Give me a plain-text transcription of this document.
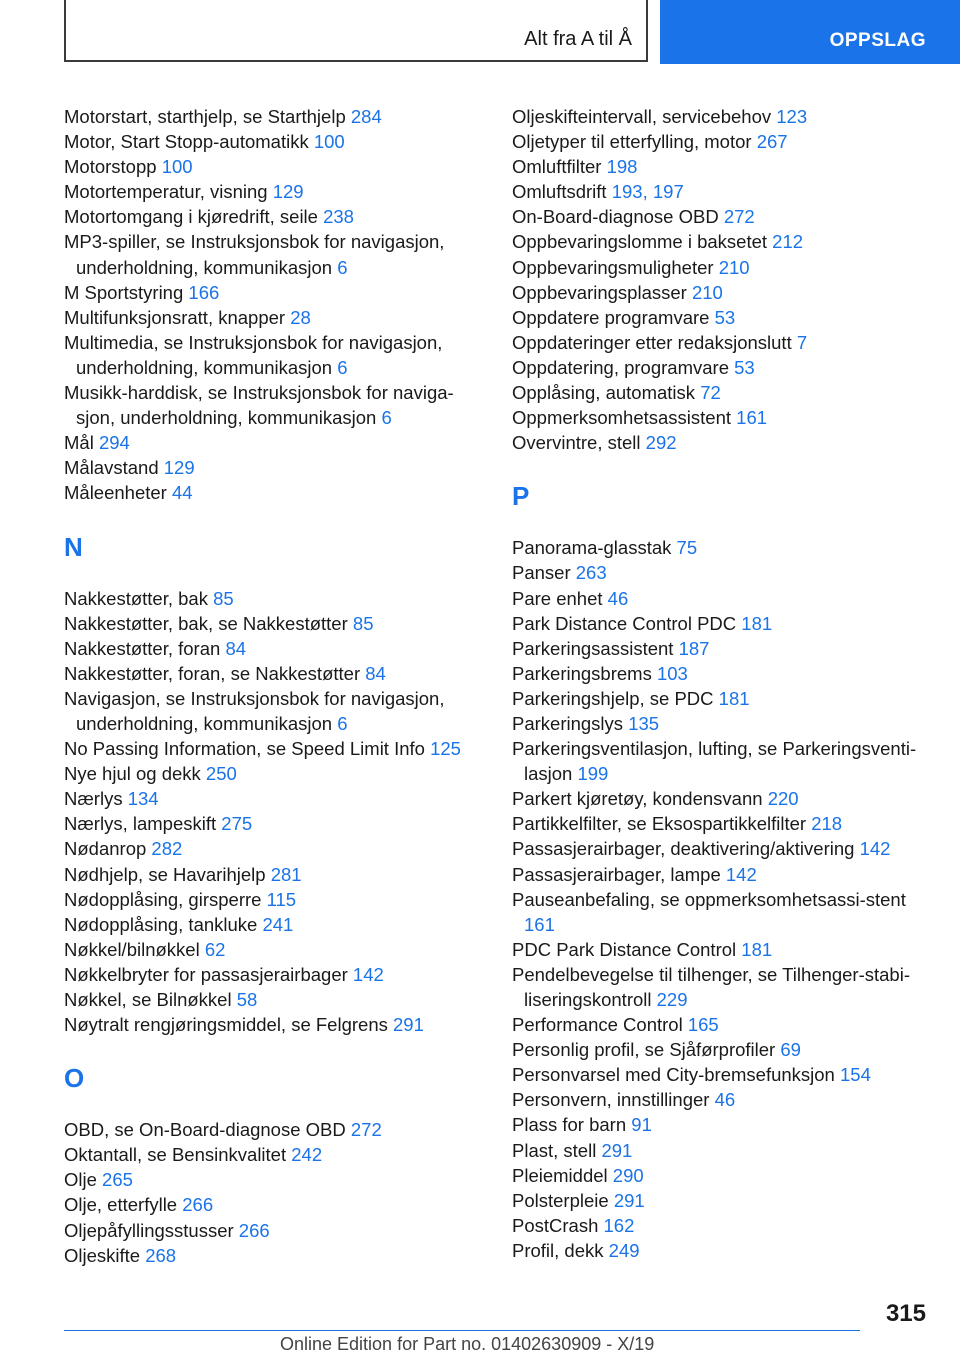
Alt fra A til Å	OPPSLAG
Motorstart, starthjelp, se Starthjelp 284
Motor, Start Stopp-automatikk 100
Motorstopp 100
Motortemperatur, visning 129
Motortomgang i kjøredrift, seile 238
MP3-spiller, se Instruksjonsbok for navigasjon, underholdning, kommunikasjon 6
M Sportstyring 166
Multifunksjonsratt, knapper 28
Multimedia, se Instruksjonsbok for navigasjon, underholdning, kommunikasjon 6
Musikk-harddisk, se Instruksjonsbok for naviga-sjon, underholdning, kommunikasjon 6
Mål 294
Målavstand 129
Måleenheter 44
N
Nakkestøtter, bak 85
Nakkestøtter, bak, se Nakkestøtter 85
Nakkestøtter, foran 84
Nakkestøtter, foran, se Nakkestøtter 84
Navigasjon, se Instruksjonsbok for navigasjon, underholdning, kommunikasjon 6
No Passing Information, se Speed Limit Info 125
Nye hjul og dekk 250
Nærlys 134
Nærlys, lampeskift 275
Nødanrop 282
Nødhjelp, se Havarihjelp 281
Nødopplåsing, girsperre 115
Nødopplåsing, tankluke 241
Nøkkel/bilnøkkel 62
Nøkkelbryter for passasjerairbager 142
Nøkkel, se Bilnøkkel 58
Nøytralt rengjøringsmiddel, se Felgrens 291
O
OBD, se On-Board-diagnose OBD 272
Oktantall, se Bensinkvalitet 242
Olje 265
Olje, etterfylle 266
Oljepåfyllingsstusser 266
Oljeskifte 268
Oljeskifteintervall, servicebehov 123
Oljetyper til etterfylling, motor 267
Omluftfilter 198
Omluftsdrift 193, 197
On-Board-diagnose OBD 272
Oppbevaringslomme i baksetet 212
Oppbevaringsmuligheter 210
Oppbevaringsplasser 210
Oppdatere programvare 53
Oppdateringer etter redaksjonslutt 7
Oppdatering, programvare 53
Opplåsing, automatisk 72
Oppmerksomhetsassistent 161
Overvintre, stell 292
P
Panorama-glasstak 75
Panser 263
Pare enhet 46
Park Distance Control PDC 181
Parkeringsassistent 187
Parkeringsbrems 103
Parkeringshjelp, se PDC 181
Parkeringslys 135
Parkeringsventilasjon, lufting, se Parkeringsventi-lasjon 199
Parkert kjøretøy, kondensvann 220
Partikkelfilter, se Eksospartikkelfilter 218
Passasjerairbager, deaktivering/aktivering 142
Passasjerairbager, lampe 142
Pauseanbefaling, se oppmerksomhetsassi-stent 161
PDC Park Distance Control 181
Pendelbevegelse til tilhenger, se Tilhenger-stabi-liseringskontroll 229
Performance Control 165
Personlig profil, se Sjåførprofiler 69
Personvarsel med City-bremsefunksjon 154
Personvern, innstillinger 46
Plass for barn 91
Plast, stell 291
Pleiemiddel 290
Polsterpleie 291
PostCrash 162
Profil, dekk 249
315
Online Edition for Part no. 01402630909 - X/19
